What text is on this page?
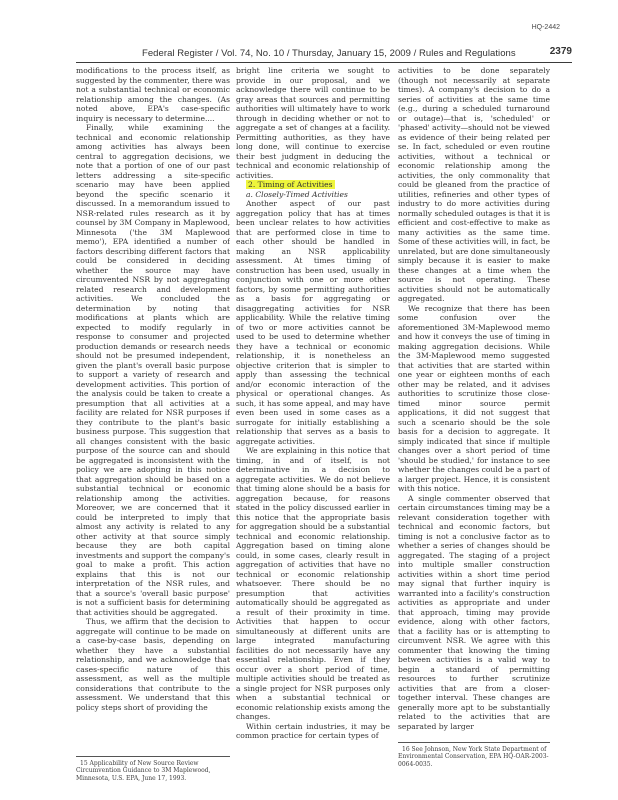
HQ-2442
Federal Register / Vol. 74, No. 10 / Thursday, January 15, 2009 / Rules and Regulations	2379

modifications to the process itself, as suggested by the commenter, there was not a substantial technical or economic relationship among the changes. (As noted above, EPA's case-specific inquiry is necessary to determine....

Finally, while examining the technical and economic relationship among activities has always been central to aggregation decisions, we note that a portion of one of our past letters addressing a site-specific scenario may have been applied beyond the specific scenario it discussed. In a memorandum issued to NSR-related rules research as it by counsel by 3M Company in Maplewood, Minnesota ('the 3M Maplewood memo'), EPA identified a number of factors describing different factors that could be considered in deciding whether the source may have circumvented NSR by not aggregating related research and development activities. We concluded the determination by noting that modifications at plants which are expected to modify regularly in response to consumer and projected production demands or research needs should not be presumed independent, given the plant's overall basic purpose to support a variety of research and development activities. This portion of the analysis could be taken to create a presumption that all activities at a facility are related for NSR purposes if they contribute to the plant's basic business purpose. This suggestion that all changes consistent with the basic purpose of the source can and should be aggregated is inconsistent with the policy we are adopting in this notice that aggregation should be based on a substantial technical or economic relationship among the activities. Moreover, we are concerned that it could be interpreted to imply that almost any activity is related to any other activity at that source simply because they are both capital investments and support the company's goal to make a profit. This action explains that this is not our interpretation of the NSR rules, and that a source's 'overall basic purpose' is not a sufficient basis for determining that activities should be aggregated.

Thus, we affirm that the decision to aggregate will continue to be made on a case-by-case basis, depending on whether they have a substantial relationship, and we acknowledge that cases-specific nature of this assessment, as well as the multiple considerations that contribute to the assessment. We understand that this policy steps short of providing the

15 Applicability of New Source Review Circumvention Guidance to 3M Maplewood, Minnesota, U.S. EPA, June 17, 1993.

bright line criteria we sought to provide in our proposal, and we acknowledge there will continue to be gray areas that sources and permitting authorities will ultimately have to work through in deciding whether or not to aggregate a set of changes at a facility. Permitting authorities, as they have long done, will continue to exercise their best judgment in deducing the technical and economic relationship of activities.

2. Timing of Activities

a. Closely-Timed Activities

Another aspect of our past aggregation policy that has at times been unclear relates to how activities that are performed close in time to each other should be handled in making an NSR applicability assessment. At times timing of construction has been used, usually in conjunction with one or more other factors, by some permitting authorities as a basis for aggregating or disaggregating activities for NSR applicability. While the relative timing of two or more activities cannot be used to be used to determine whether they have a technical or economic relationship, it is nonetheless an objective criterion that is simpler to apply than assessing the technical and/or economic interaction of the physical or operational changes. As such, it has some appeal, and may have even been used in some cases as a surrogate for initially establishing a relationship that serves as a basis to aggregate activities.

We are explaining in this notice that timing, in and of itself, is not determinative in a decision to aggregate activities. We do not believe that timing alone should be a basis for aggregation because, for reasons stated in the policy discussed earlier in this notice that the appropriate basis for aggregation should be a substantial technical and economic relationship. Aggregation based on timing alone could, in some cases, clearly result in aggregation of activities that have no technical or economic relationship whatsoever. There should be no presumption that activities automatically should be aggregated as a result of their proximity in time. Activities that happen to occur simultaneously at different units are large integrated manufacturing facilities do not necessarily have any essential relationship. Even if they occur over a short period of time, multiple activities should be treated as a single project for NSR purposes only when a substantial technical or economic relationship exists among the changes.

Within certain industries, it may be common practice for certain types of

activities to be done separately (though not necessarily at separate times). A company's decision to do a series of activities at the same time (e.g., during a scheduled turnaround or outage)—that is, 'scheduled' or 'phased' activity—should not be viewed as evidence of their being related per se. In fact, scheduled or even routine activities, without a technical or economic relationship among the activities, the only commonality that could be gleaned from the practice of utilities, refineries and other types of industry to do more activities during normally scheduled outages is that it is efficient and cost-effective to make as many activities as the same time. Some of these activities will, in fact, be unrelated, but are done simultaneously simply because it is easier to make these changes at a time when the source is not operating. These activities should not be automatically aggregated.

We recognize that there has been some confusion over the aforementioned 3M-Maplewood memo and how it conveys the use of timing in making aggregation decisions. While the 3M-Maplewood memo suggested that activities that are started within one year or eighteen months of each other may be related, and it advises authorities to scrutinize those close-timed minor source permit applications, it did not suggest that such a scenario should be the sole basis for a decision to aggregate. It simply indicated that since if multiple changes over a short period of time 'should be studied,' for instance to see whether the changes could be a part of a larger project. Hence, it is consistent with this notice.

A single commenter observed that certain circumstances timing may be a relevant consideration together with technical and economic factors, but timing is not a conclusive factor as to whether a series of changes should be aggregated. The staging of a project into multiple smaller construction activities within a short time period may signal that further inquiry is warranted into a facility's construction activities as appropriate and under that approach, timing may provide evidence, along with other factors, that a facility has or is attempting to circumvent NSR. We agree with this commenter that knowing the timing between activities is a valid way to begin a standard of permitting resources to further scrutinize activities that are from a closer-together interval. These changes are generally more apt to be substantially related to the activities that are separated by larger

16 See Johnson, New York State Department of Environmental Conservation, EPA HQ-OAR-2003-0064-0035.
